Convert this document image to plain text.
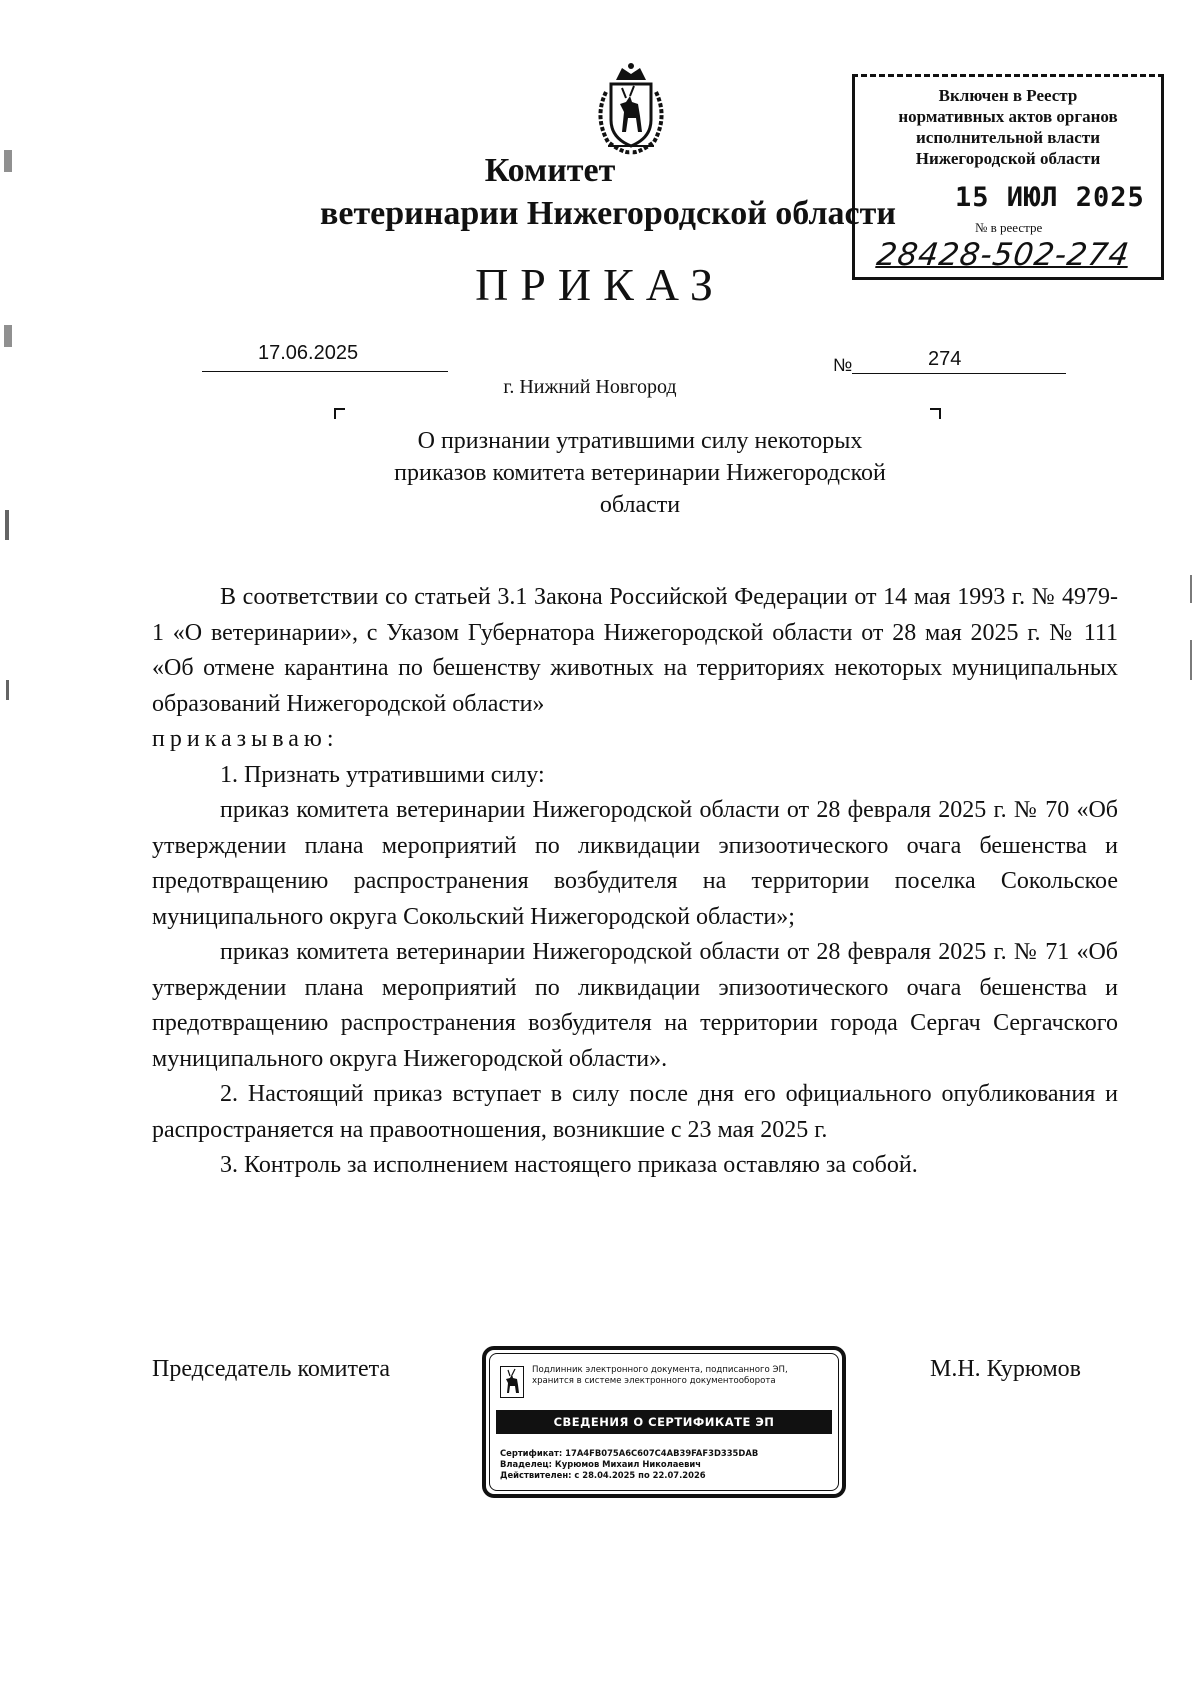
Комитет
ветеринарии Нижегородской области
ПРИКАЗ
Включен в Реестр
нормативных актов органов
исполнительной власти
Нижегородской области
15 ИЮЛ 2025
№ в реестре
28428-502-274
17.06.2025
№	274
г. Нижний Новгород
О признании утратившими силу некоторых
приказов комитета ветеринарии Нижегородской
области

В соответствии со статьей 3.1 Закона Российской Федерации от 14 мая 1993 г. № 4979-1 «О ветеринарии», с Указом Губернатора Нижегородской области от 28 мая 2025 г. № 111 «Об отмене карантина по бешенству животных на территориях некоторых муниципальных образований Нижегородской области»

приказываю:

1. Признать утратившими силу:

приказ комитета ветеринарии Нижегородской области от 28 февраля 2025 г. № 70 «Об утверждении плана мероприятий по ликвидации эпизоотического очага бешенства и предотвращению распространения возбудителя на территории поселка Сокольское муниципального округа Сокольский Нижегородской области»;

приказ комитета ветеринарии Нижегородской области от 28 февраля 2025 г. № 71 «Об утверждении плана мероприятий по ликвидации эпизоотического очага бешенства и предотвращению распространения возбудителя на территории города Сергач Сергачского муниципального округа Нижегородской области».

2. Настоящий приказ вступает в силу после дня его официального опубликования и распространяется на правоотношения, возникшие с 23 мая 2025 г.

3. Контроль за исполнением настоящего приказа оставляю за собой.

Председатель комитета	М.Н. Курюмов
Подлинник электронного документа, подписанного ЭП,
хранится в системе электронного документооборота
СВЕДЕНИЯ О СЕРТИФИКАТЕ ЭП
Сертификат: 17A4FB075A6C607C4AB39FAF3D335DAB
Владелец: Курюмов Михаил Николаевич
Действителен: с 28.04.2025 по 22.07.2026
